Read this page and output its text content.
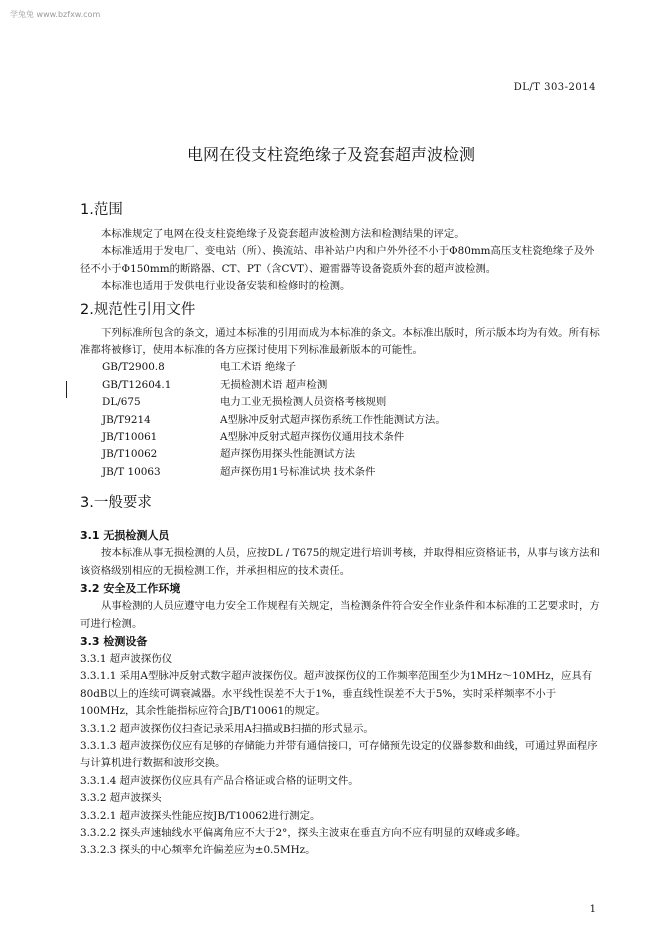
学兔兔 www.bzfxw.com
DL/T 303-2014
电网在役支柱瓷绝缘子及瓷套超声波检测
1.范围

本标准规定了电网在役支柱瓷绝缘子及瓷套超声波检测方法和检测结果的评定。

本标准适用于发电厂、变电站（所）、换流站、串补站户内和户外外径不小于Φ80mm高压支柱瓷绝缘子及外径不小于Φ150mm的断路器、CT、PT（含CVT）、避雷器等设备瓷质外套的超声波检测。

本标准也适用于发供电行业设备安装和检修时的检测。

2.规范性引用文件

下列标准所包含的条文，通过本标准的引用而成为本标准的条文。本标准出版时，所示版本均为有效。所有标准都将被修订，使用本标准的各方应探讨使用下列标准最新版本的可能性。

GB/T2900.8	电工术语 绝缘子
GB/T12604.1	无损检测术语 超声检测
DL/675	电力工业无损检测人员资格考核规则
JB/T9214	A型脉冲反射式超声探伤系统工作性能测试方法。
JB/T10061	A型脉冲反射式超声探伤仪通用技术条件
JB/T10062	超声探伤用探头性能测试方法
JB/T 10063	超声探伤用1号标准试块 技术条件
3.一般要求
3.1 无损检测人员

按本标准从事无损检测的人员，应按DL / T675的规定进行培训考核，并取得相应资格证书，从事与该方法和该资格级别相应的无损检测工作，并承担相应的技术责任。

3.2 安全及工作环境

从事检测的人员应遵守电力安全工作规程有关规定，当检测条件符合安全作业条件和本标准的工艺要求时，方可进行检测。

3.3 检测设备

3.3.1 超声波探伤仪

3.3.1.1 采用A型脉冲反射式数字超声波探伤仪。超声波探伤仪的工作频率范围至少为1MHz～10MHz，应具有80dB以上的连续可调衰减器。水平线性误差不大于1%，垂直线性误差不大于5%，实时采样频率不小于100MHz，其余性能指标应符合JB/T10061的规定。

3.3.1.2 超声波探伤仪扫查记录采用A扫描或B扫描的形式显示。

3.3.1.3 超声波探伤仪应有足够的存储能力并带有通信接口，可存储预先设定的仪器参数和曲线，可通过界面程序与计算机进行数据和波形交换。

3.3.1.4 超声波探伤仪应具有产品合格证或合格的证明文件。

3.3.2 超声波探头

3.3.2.1 超声波探头性能应按JB/T10062进行测定。

3.3.2.2 探头声速轴线水平偏离角应不大于2°，探头主波束在垂直方向不应有明显的双峰或多峰。

3.3.2.3 探头的中心频率允许偏差应为±0.5MHz。

1
